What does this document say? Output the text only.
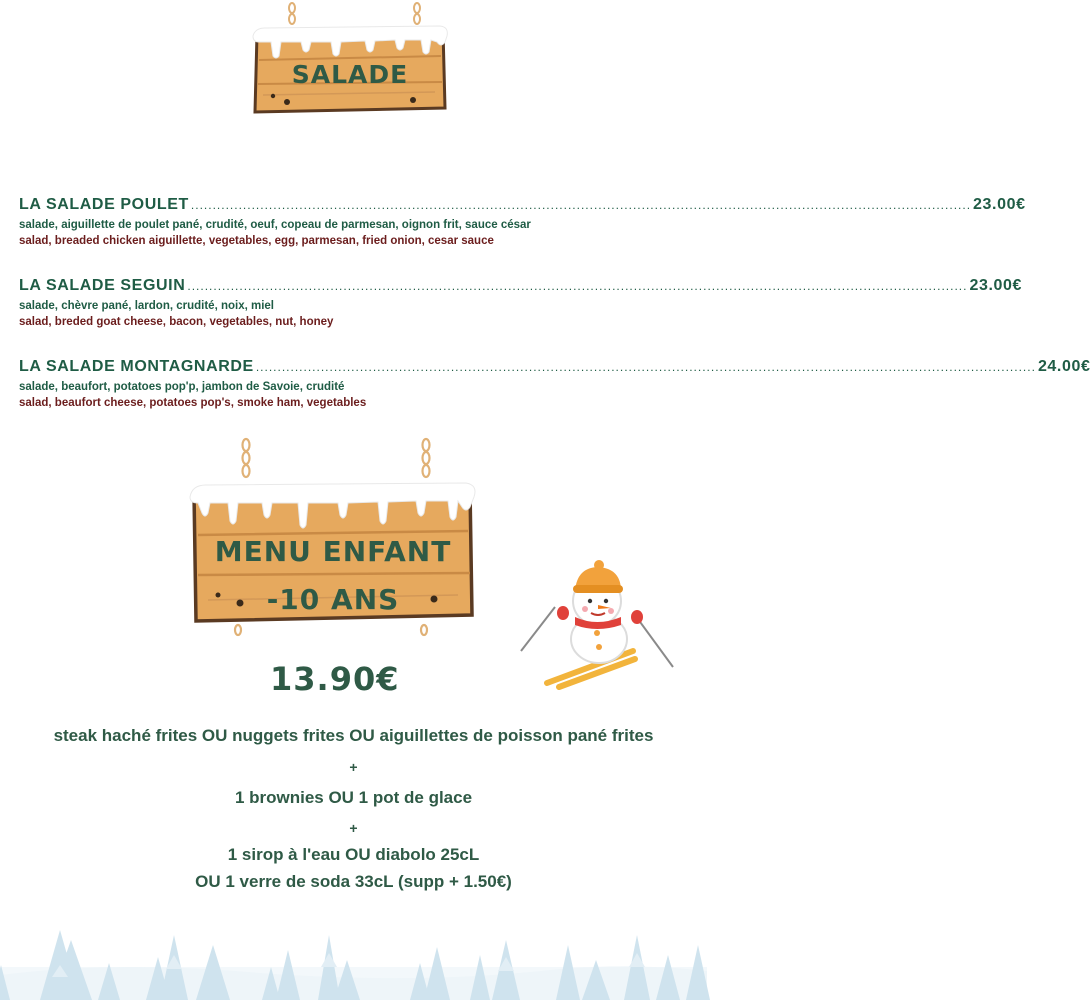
SALADE
LA SALADE POULET .................................................................................................................................................................................... 23.00€
salade, aiguillette de poulet pané, crudité, oeuf, copeau de parmesan, oignon frit, sauce césar
salad, breaded chicken aiguillette, vegetables, egg, parmesan, fried onion, cesar sauce
LA SALADE SEGUIN .................................................................................................................................................................................... 23.00€
salade, chèvre pané, lardon, crudité, noix, miel
salad, breded goat cheese, bacon, vegetables, nut, honey
LA SALADE MONTAGNARDE .................................................................................................................................................................................... 24.00€
salade, beaufort, potatoes pop'p, jambon de Savoie, crudité
salad, beaufort cheese, potatoes pop's, smoke ham, vegetables
MENU ENFANT
-10 ANS
13.90€
steak haché frites OU nuggets frites OU aiguillettes de poisson pané frites
+
1 brownies OU 1 pot de glace
+
1 sirop à l'eau OU diabolo 25cL
OU 1 verre de soda 33cL (supp + 1.50€)
